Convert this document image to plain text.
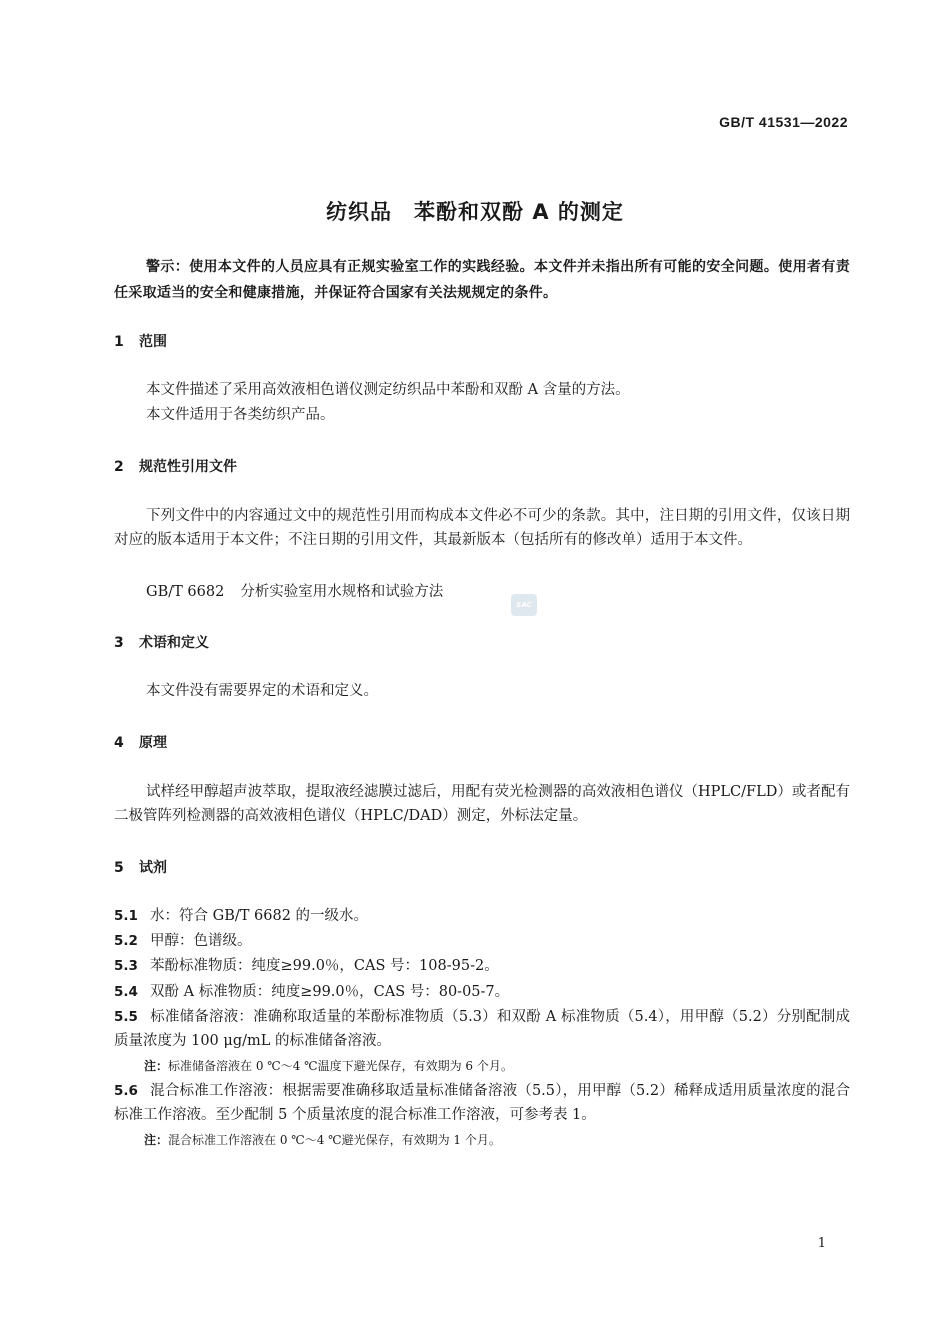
GB/T 41531—2022
纺织品　苯酚和双酚 A 的测定
警示：使用本文件的人员应具有正规实验室工作的实践经验。本文件并未指出所有可能的安全问题。使用者有责任采取适当的安全和健康措施，并保证符合国家有关法规规定的条件。
1 范围
本文件描述了采用高效液相色谱仪测定纺织品中苯酚和双酚 A 含量的方法。
本文件适用于各类纺织产品。
2 规范性引用文件
下列文件中的内容通过文中的规范性引用而构成本文件必不可少的条款。其中，注日期的引用文件，仅该日期对应的版本适用于本文件；不注日期的引用文件，其最新版本（包括所有的修改单）适用于本文件。
GB/T 6682 分析实验室用水规格和试验方法
SAC
3 术语和定义
本文件没有需要界定的术语和定义。
4 原理
试样经甲醇超声波萃取，提取液经滤膜过滤后，用配有荧光检测器的高效液相色谱仪（HPLC/FLD）或者配有二极管阵列检测器的高效液相色谱仪（HPLC/DAD）测定，外标法定量。
5 试剂
5.1 水：符合 GB/T 6682 的一级水。
5.2 甲醇：色谱级。
5.3 苯酚标准物质：纯度≥99.0％，CAS 号：108-95-2。
5.4 双酚 A 标准物质：纯度≥99.0％，CAS 号：80-05-7。
5.5 标准储备溶液：准确称取适量的苯酚标准物质（5.3）和双酚 A 标准物质（5.4），用甲醇（5.2）分别配制成质量浓度为 100 μg/mL 的标准储备溶液。
注：标准储备溶液在 0 ℃～4 ℃温度下避光保存，有效期为 6 个月。
5.6 混合标准工作溶液：根据需要准确移取适量标准储备溶液（5.5），用甲醇（5.2）稀释成适用质量浓度的混合标准工作溶液。至少配制 5 个质量浓度的混合标准工作溶液，可参考表 1。
注：混合标准工作溶液在 0 ℃～4 ℃避光保存，有效期为 1 个月。
1
